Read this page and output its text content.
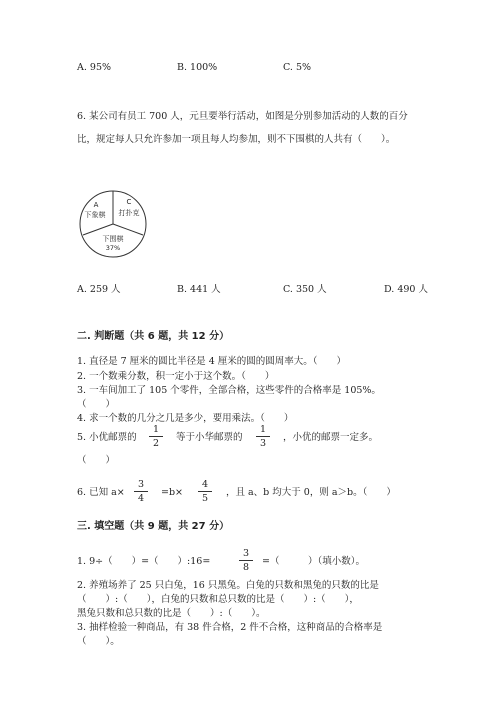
A. 95%	B. 100%	C. 5%
6. 某公司有员工 700 人，元旦要举行活动，如图是分别参加活动的人数的百分
比，规定每人只允许参加一项且每人均参加，则不下围棋的人共有（　　）。
A
下象棋
C
打扑克
下围棋
37%
A. 259 人	B. 441 人	C. 350 人	D. 490 人
二. 判断题（共 6 题，共 12 分）
1. 直径是 7 厘米的圆比半径是 4 厘米的圆的圆周率大。（　　）
2. 一个数乘分数，积一定小于这个数。（　　）
3. 一车间加工了 105 个零件，全部合格，这些零件的合格率是 105%。
（　　）
4. 求一个数的几分之几是多少，要用乘法。（　　）
5. 小优邮票的
1
2
等于小华邮票的
1
3
，小优的邮票一定多。
（　　）
6. 已知 a×
3
4
=b×
4
5
，且 a、b 均大于 0，则 a＞b。（　　）
三. 填空题（共 9 题，共 27 分）
1. 9÷（　　）=（　　）:16=
3
8
=（　　　）（填小数）。
2. 养殖场养了 25 只白兔，16 只黑兔。白兔的只数和黑兔的只数的比是
（　　）:（　　），白兔的只数和总只数的比是（　　）:（　　），
黑兔只数和总只数的比是（　　）:（　　）。
3. 抽样检验一种商品，有 38 件合格，2 件不合格，这种商品的合格率是
（　　）。
